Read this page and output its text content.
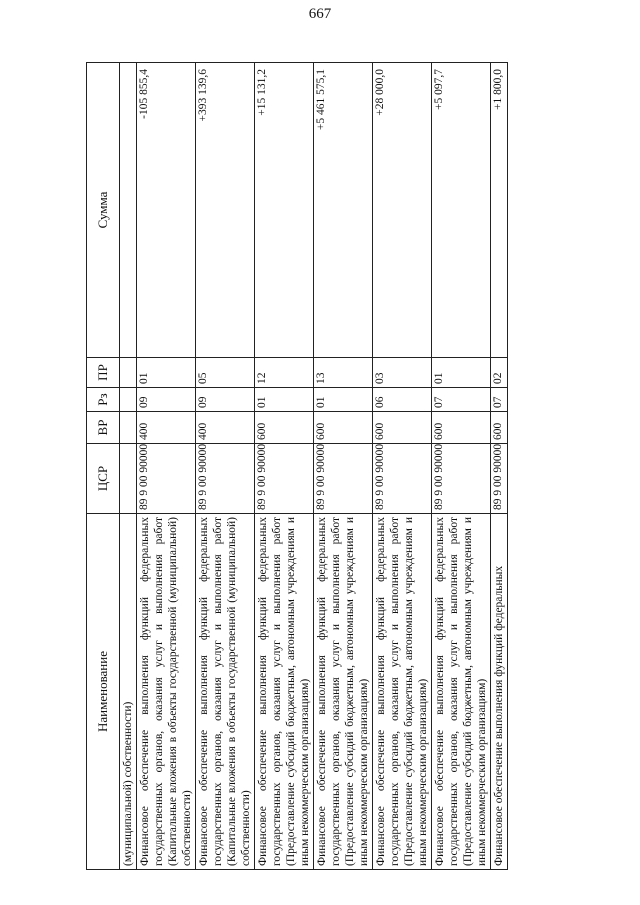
667
Наименование	ЦСР	ВР	Рз	ПР	Сумма
(муниципальной) собственности)					
Финансовое обеспечение выполнения функций федеральных государственных органов, оказания услуг и выполнения работ (Капитальные вложения в объекты государственной (муниципальной) собственности)	89 9 00 90000	400	09	01	-105 855,4
Финансовое обеспечение выполнения функций федеральных государственных органов, оказания услуг и выполнения работ (Капитальные вложения в объекты государственной (муниципальной) собственности)	89 9 00 90000	400	09	05	+393 139,6
Финансовое обеспечение выполнения функций федеральных государственных органов, оказания услуг и выполнения работ (Предоставление субсидий бюджетным, автономным учреждениям и иным некоммерческим организациям)	89 9 00 90000	600	01	12	+15 131,2
Финансовое обеспечение выполнения функций федеральных государственных органов, оказания услуг и выполнения работ (Предоставление субсидий бюджетным, автономным учреждениям и иным некоммерческим организациям)	89 9 00 90000	600	01	13	+5 461 575,1
Финансовое обеспечение выполнения функций федеральных государственных органов, оказания услуг и выполнения работ (Предоставление субсидий бюджетным, автономным учреждениям и иным некоммерческим организациям)	89 9 00 90000	600	06	03	+28 000,0
Финансовое обеспечение выполнения функций федеральных государственных органов, оказания услуг и выполнения работ (Предоставление субсидий бюджетным, автономным учреждениям и иным некоммерческим организациям)	89 9 00 90000	600	07	01	+5 097,7
Финансовое обеспечение выполнения функций федеральных	89 9 00 90000	600	07	02	+1 800,0
